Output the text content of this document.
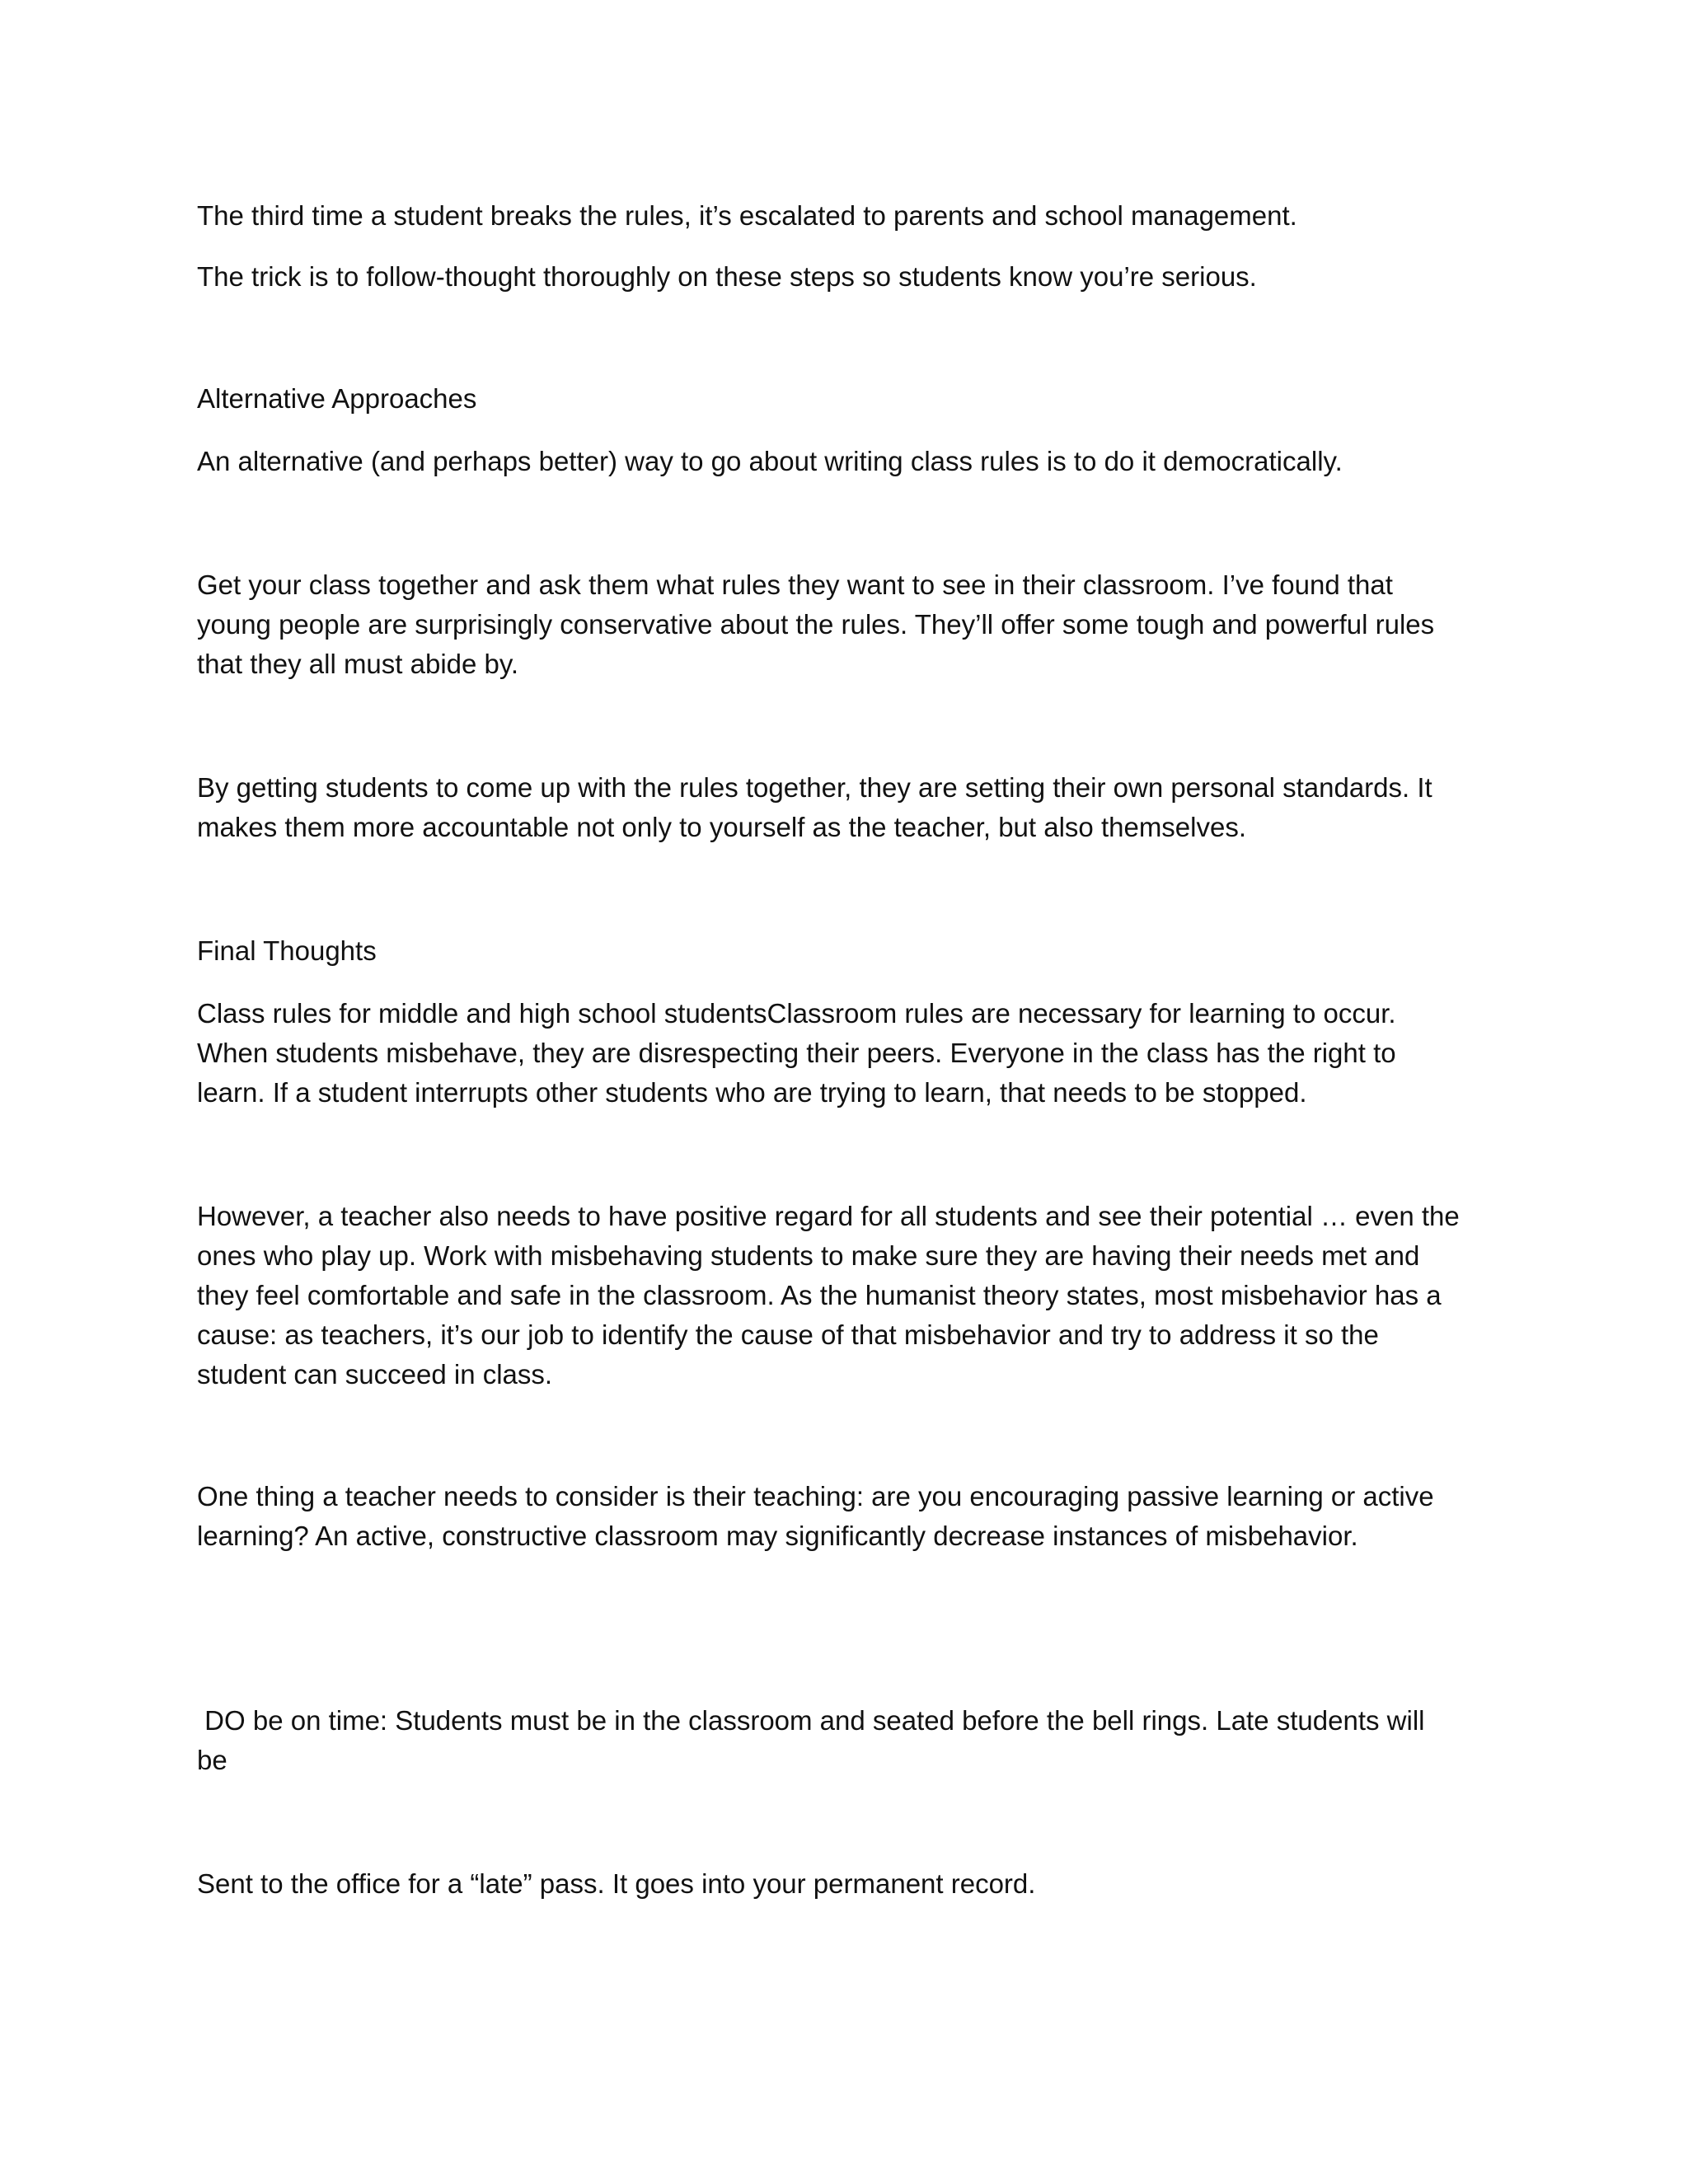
The third time a student breaks the rules, it’s escalated to parents and school management.
The trick is to follow-thought thoroughly on these steps so students know you’re serious.
Alternative Approaches
An alternative (and perhaps better) way to go about writing class rules is to do it democratically.
Get your class together and ask them what rules they want to see in their classroom. I’ve found that
young people are surprisingly conservative about the rules. They’ll offer some tough and powerful rules
that they all must abide by.
By getting students to come up with the rules together, they are setting their own personal standards. It
makes them more accountable not only to yourself as the teacher, but also themselves.
Final Thoughts
Class rules for middle and high school studentsClassroom rules are necessary for learning to occur.
When students misbehave, they are disrespecting their peers. Everyone in the class has the right to
learn. If a student interrupts other students who are trying to learn, that needs to be stopped.
However, a teacher also needs to have positive regard for all students and see their potential … even the
ones who play up. Work with misbehaving students to make sure they are having their needs met and
they feel comfortable and safe in the classroom. As the humanist theory states, most misbehavior has a
cause: as teachers, it’s our job to identify the cause of that misbehavior and try to address it so the
student can succeed in class.
One thing a teacher needs to consider is their teaching: are you encouraging passive learning or active
learning? An active, constructive classroom may significantly decrease instances of misbehavior.
DO be on time: Students must be in the classroom and seated before the bell rings. Late students will
be
Sent to the office for a “late” pass. It goes into your permanent record.
